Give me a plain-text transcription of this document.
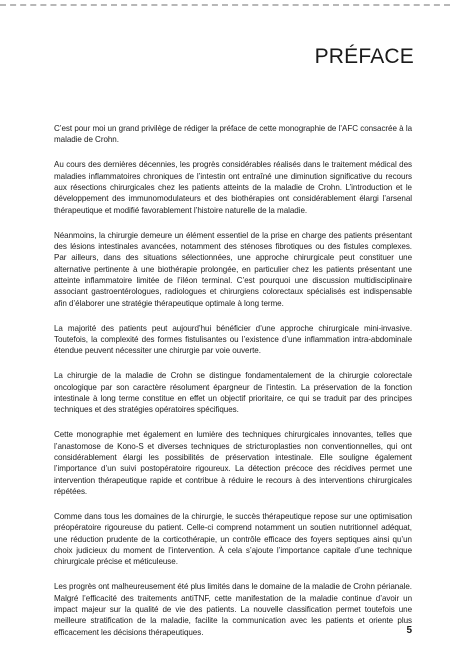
PRÉFACE

C’est pour moi un grand privilège de rédiger la préface de cette monographie de l’AFC consacrée à la maladie de Crohn.

Au cours des dernières décennies, les progrès considérables réalisés dans le traitement médical des maladies inflammatoires chroniques de l’intestin ont entraîné une diminution significative du recours aux résections chirurgicales chez les patients atteints de la maladie de Crohn. L’introduction et le développement des immunomodulateurs et des biothérapies ont considérablement élargi l’arsenal thérapeutique et modifié favorablement l’histoire naturelle de la maladie.

Néanmoins, la chirurgie demeure un élément essentiel de la prise en charge des patients présentant des lésions intestinales avancées, notamment des sténoses fibrotiques ou des fistules complexes. Par ailleurs, dans des situations sélectionnées, une approche chirurgicale peut constituer une alternative pertinente à une biothérapie prolongée, en particulier chez les patients présentant une atteinte inflammatoire limitée de l’iléon terminal. C’est pourquoi une discussion multidisciplinaire associant gastroentérologues, radiologues et chirurgiens colorectaux spécialisés est indispensable afin d’élaborer une stratégie thérapeutique optimale à long terme.

La majorité des patients peut aujourd’hui bénéficier d’une approche chirurgicale mini-invasive. Toutefois, la complexité des formes fistulisantes ou l’existence d’une inflammation intra-abdominale étendue peuvent nécessiter une chirurgie par voie ouverte.

La chirurgie de la maladie de Crohn se distingue fondamentalement de la chirurgie colorectale oncologique par son caractère résolument épargneur de l’intestin. La préservation de la fonction intestinale à long terme constitue en effet un objectif prioritaire, ce qui se traduit par des principes techniques et des stratégies opératoires spécifiques.

Cette monographie met également en lumière des techniques chirurgicales innovantes, telles que l’anastomose de Kono-S et diverses techniques de stricturoplasties non conventionnelles, qui ont considérablement élargi les possibilités de préservation intestinale. Elle souligne également l’importance d’un suivi postopératoire rigoureux. La détection précoce des récidives permet une intervention thérapeutique rapide et contribue à réduire le recours à des interventions chirurgicales répétées.

Comme dans tous les domaines de la chirurgie, le succès thérapeutique repose sur une optimisation préopératoire rigoureuse du patient. Celle-ci comprend notamment un soutien nutritionnel adéquat, une réduction prudente de la corticothérapie, un contrôle efficace des foyers septiques ainsi qu’un choix judicieux du moment de l’intervention. À cela s’ajoute l’importance capitale d’une technique chirurgicale précise et méticuleuse.

Les progrès ont malheureusement été plus limités dans le domaine de la maladie de Crohn périanale. Malgré l’efficacité des traitements antiTNF, cette manifestation de la maladie continue d’avoir un impact majeur sur la qualité de vie des patients. La nouvelle classification permet toutefois une meilleure stratification de la maladie, facilite la communication avec les patients et oriente plus efficacement les décisions thérapeutiques.	5
